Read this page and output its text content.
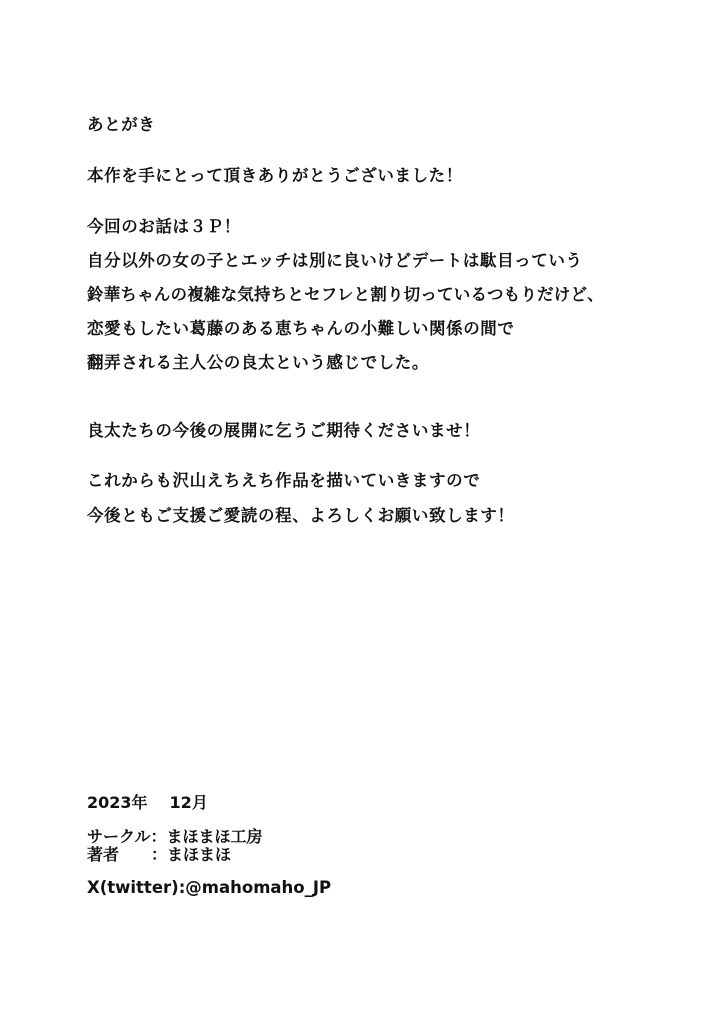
あとがき
本作を手にとって頂きありがとうございました！
今回のお話は３Ｐ！
自分以外の女の子とエッチは別に良いけどデートは駄目っていう
鈴華ちゃんの複雑な気持ちとセフレと割り切っているつもりだけど、
恋愛もしたい葛藤のある恵ちゃんの小難しい関係の間で
翻弄される主人公の良太という感じでした。
良太たちの今後の展開に乞うご期待くださいませ！
これからも沢山えちえち作品を描いていきますので
今後ともご支援ご愛読の程、よろしくお願い致します！
2023年 12月
サークル：まほまほ工房
著者 ：まほまほ
X(twitter):@mahomaho_JP
